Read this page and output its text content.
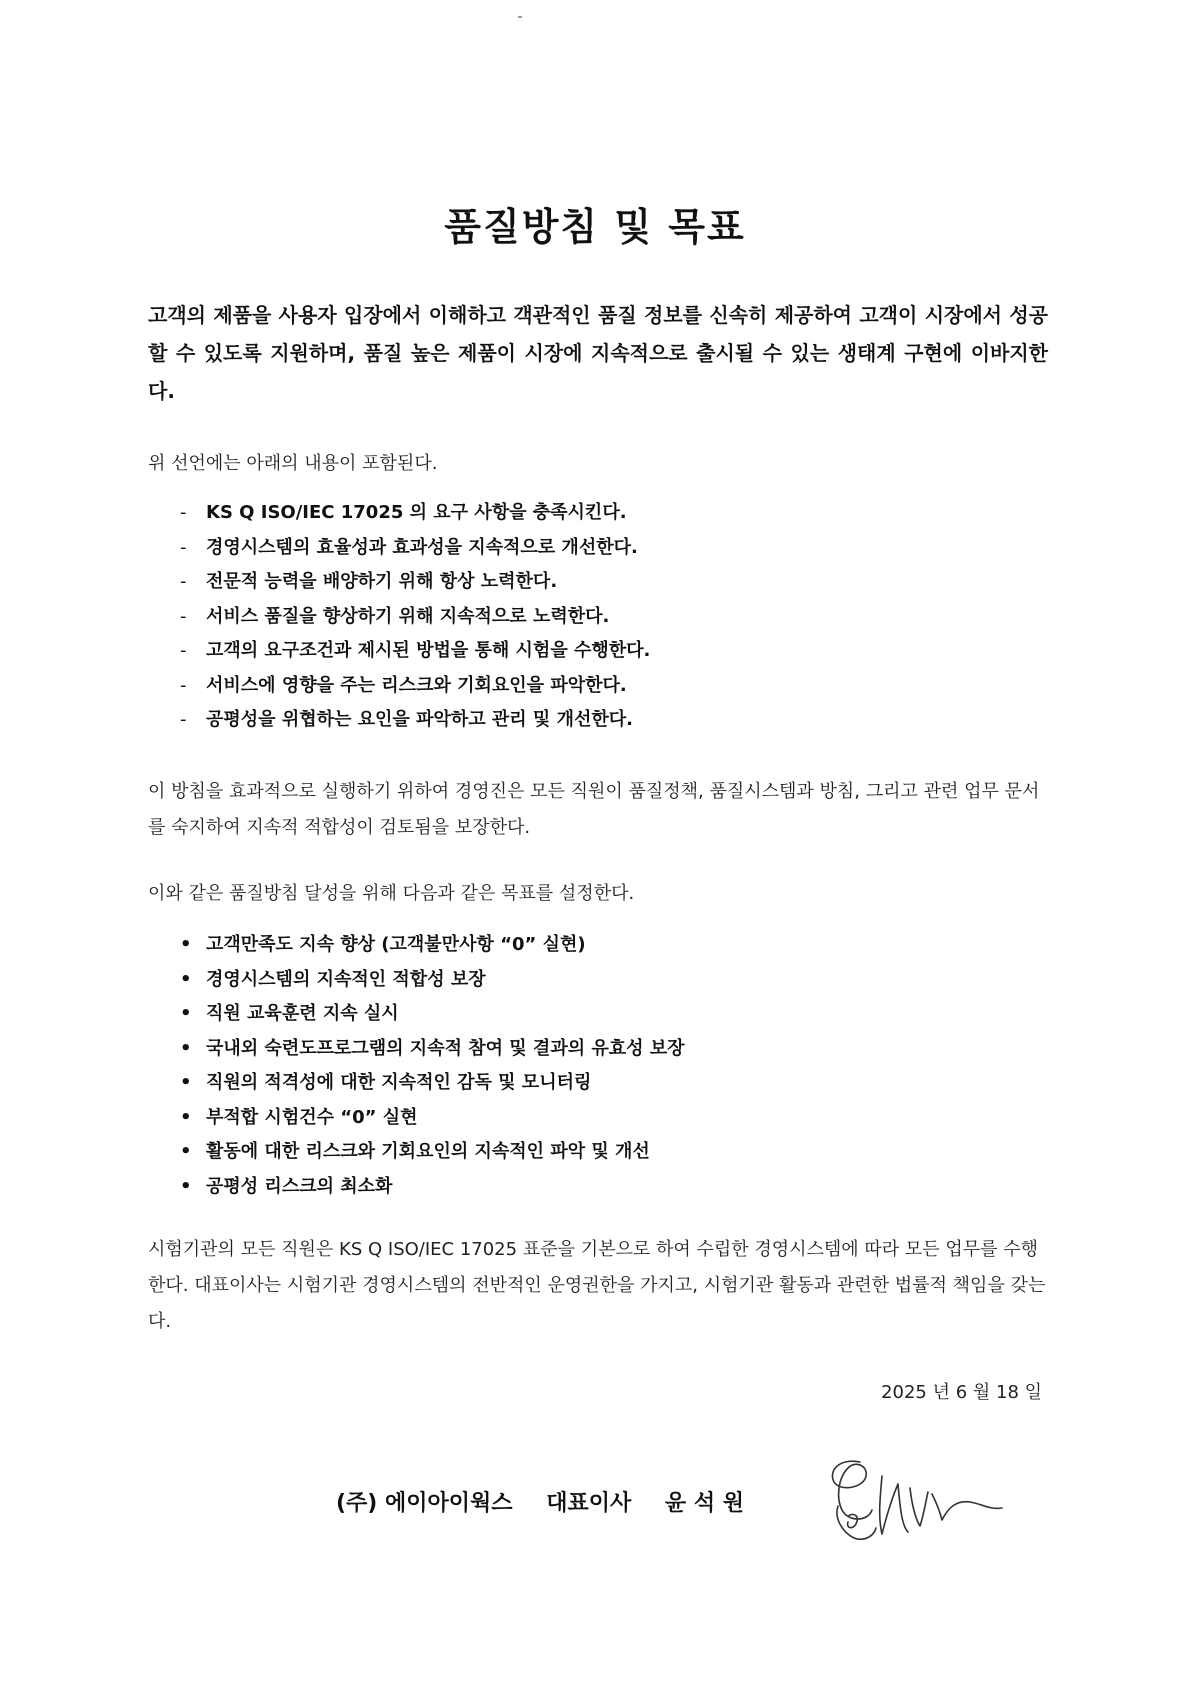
품질방침 및 목표
고객의 제품을 사용자 입장에서 이해하고 객관적인 품질 정보를 신속히 제공하여 고객이 시장에서 성공할 수 있도록 지원하며, 품질 높은 제품이 시장에 지속적으로 출시될 수 있는 생태계 구현에 이바지한다.
위 선언에는 아래의 내용이 포함된다.
- KS Q ISO/IEC 17025 의 요구 사항을 충족시킨다.
- 경영시스템의 효율성과 효과성을 지속적으로 개선한다.
- 전문적 능력을 배양하기 위해 항상 노력한다.
- 서비스 품질을 향상하기 위해 지속적으로 노력한다.
- 고객의 요구조건과 제시된 방법을 통해 시험을 수행한다.
- 서비스에 영향을 주는 리스크와 기회요인을 파악한다.
- 공평성을 위협하는 요인을 파악하고 관리 및 개선한다.
이 방침을 효과적으로 실행하기 위하여 경영진은 모든 직원이 품질정책, 품질시스템과 방침, 그리고 관련 업무 문서를 숙지하여 지속적 적합성이 검토됨을 보장한다.
이와 같은 품질방침 달성을 위해 다음과 같은 목표를 설정한다.
• 고객만족도 지속 향상 (고객불만사항 “0” 실현)
• 경영시스템의 지속적인 적합성 보장
• 직원 교육훈련 지속 실시
• 국내외 숙련도프로그램의 지속적 참여 및 결과의 유효성 보장
• 직원의 적격성에 대한 지속적인 감독 및 모니터링
• 부적합 시험건수 “0” 실현
• 활동에 대한 리스크와 기회요인의 지속적인 파악 및 개선
• 공평성 리스크의 최소화
시험기관의 모든 직원은 KS Q ISO/IEC 17025 표준을 기본으로 하여 수립한 경영시스템에 따라 모든 업무를 수행한다. 대표이사는 시험기관 경영시스템의 전반적인 운영권한을 가지고, 시험기관 활동과 관련한 법률적 책임을 갖는다.
2025 년 6 월 18 일
(주) 에이아이웍스 대표이사 윤 석 원
